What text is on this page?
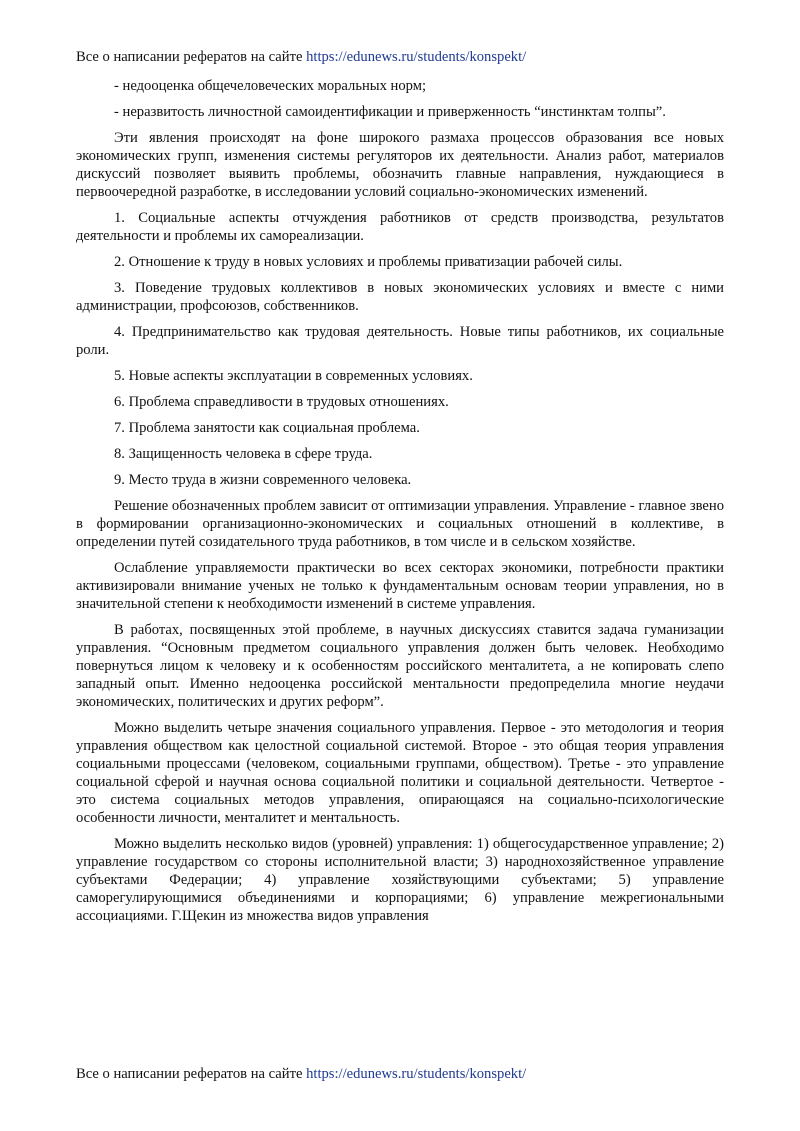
Все о написании рефератов на сайте https://edunews.ru/students/konspekt/

- недооценка общечеловеческих моральных норм;

- неразвитость личностной самоидентификации и приверженность “инстинктам толпы”.

Эти явления происходят на фоне широкого размаха процессов образования все новых экономических групп, изменения системы регуляторов их деятельности. Анализ работ, материалов дискуссий позволяет выявить проблемы, обозначить главные направления, нуждающиеся в первоочередной разработке, в исследовании условий социально-экономических изменений.

1. Социальные аспекты отчуждения работников от средств производства, результатов деятельности и проблемы их самореализации.

2. Отношение к труду в новых условиях и проблемы приватизации рабочей силы.

3. Поведение трудовых коллективов в новых экономических условиях и вместе с ними администрации, профсоюзов, собственников.

4. Предпринимательство как трудовая деятельность. Новые типы работников, их социальные роли.

5. Новые аспекты эксплуатации в современных условиях.

6. Проблема справедливости в трудовых отношениях.

7. Проблема занятости как социальная проблема.

8. Защищенность человека в сфере труда.

9. Место труда в жизни современного человека.

Решение обозначенных проблем зависит от оптимизации управления. Управление - главное звено в формировании организационно-экономических и социальных отношений в коллективе, в определении путей созидательного труда работников, в том числе и в сельском хозяйстве.

Ослабление управляемости практически во всех секторах экономики, потребности практики активизировали внимание ученых не только к фундаментальным основам теории управления, но в значительной степени к необходимости изменений в системе управления.

В работах, посвященных этой проблеме, в научных дискуссиях ставится задача гуманизации управления. “Основным предметом социального управления должен быть человек. Необходимо повернуться лицом к человеку и к особенностям российского менталитета, а не копировать слепо западный опыт. Именно недооценка российской ментальности предопределила многие неудачи экономических, политических и других реформ”.

Можно выделить четыре значения социального управления. Первое - это методология и теория управления обществом как целостной социальной системой. Второе - это общая теория управления социальными процессами (человеком, социальными группами, обществом). Третье - это управление социальной сферой и научная основа социальной политики и социальной деятельности. Четвертое - это система социальных методов управления, опирающаяся на социально-психологические особенности личности, менталитет и ментальность.

Можно выделить несколько видов (уровней) управления: 1) общегосударственное управление; 2) управление государством со стороны исполнительной власти; 3) народнохозяйственное управление субъектами Федерации; 4) управление хозяйствующими субъектами; 5) управление саморегулирующимися объединениями и корпорациями; 6) управление межрегиональными ассоциациями. Г.Щекин из множества видов управления

Все о написании рефератов на сайте https://edunews.ru/students/konspekt/
